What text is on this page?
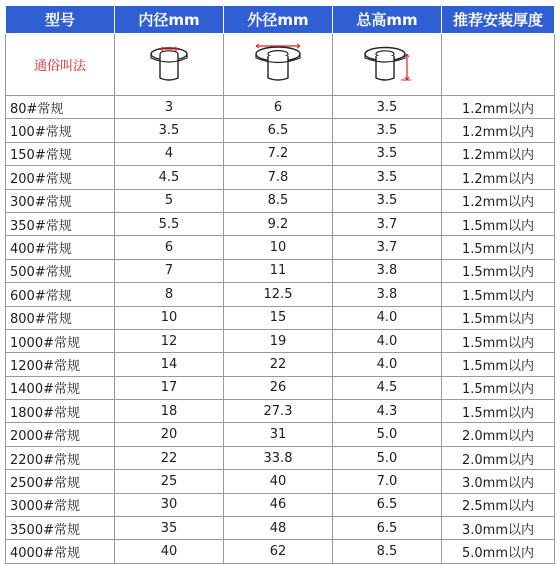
型号	内径mm	外径mm	总高mm	推荐安装厚度
通俗叫法	

80#常规	3	6	3.5	1.2mm以内
100#常规	3.5	6.5	3.5	1.2mm以内
150#常规	4	7.2	3.5	1.2mm以内
200#常规	4.5	7.8	3.5	1.2mm以内
300#常规	5	8.5	3.5	1.2mm以内
350#常规	5.5	9.2	3.7	1.5mm以内
400#常规	6	10	3.7	1.5mm以内
500#常规	7	11	3.8	1.5mm以内
600#常规	8	12.5	3.8	1.5mm以内
800#常规	10	15	4.0	1.5mm以内
1000#常规	12	19	4.0	1.5mm以内
1200#常规	14	22	4.0	1.5mm以内
1400#常规	17	26	4.5	1.5mm以内
1800#常规	18	27.3	4.3	1.5mm以内
2000#常规	20	31	5.0	2.0mm以内
2200#常规	22	33.8	5.0	2.0mm以内
2500#常规	25	40	7.0	3.0mm以内
3000#常规	30	46	6.5	2.5mm以内
3500#常规	35	48	6.5	3.0mm以内
4000#常规	40	62	8.5	5.0mm以内
